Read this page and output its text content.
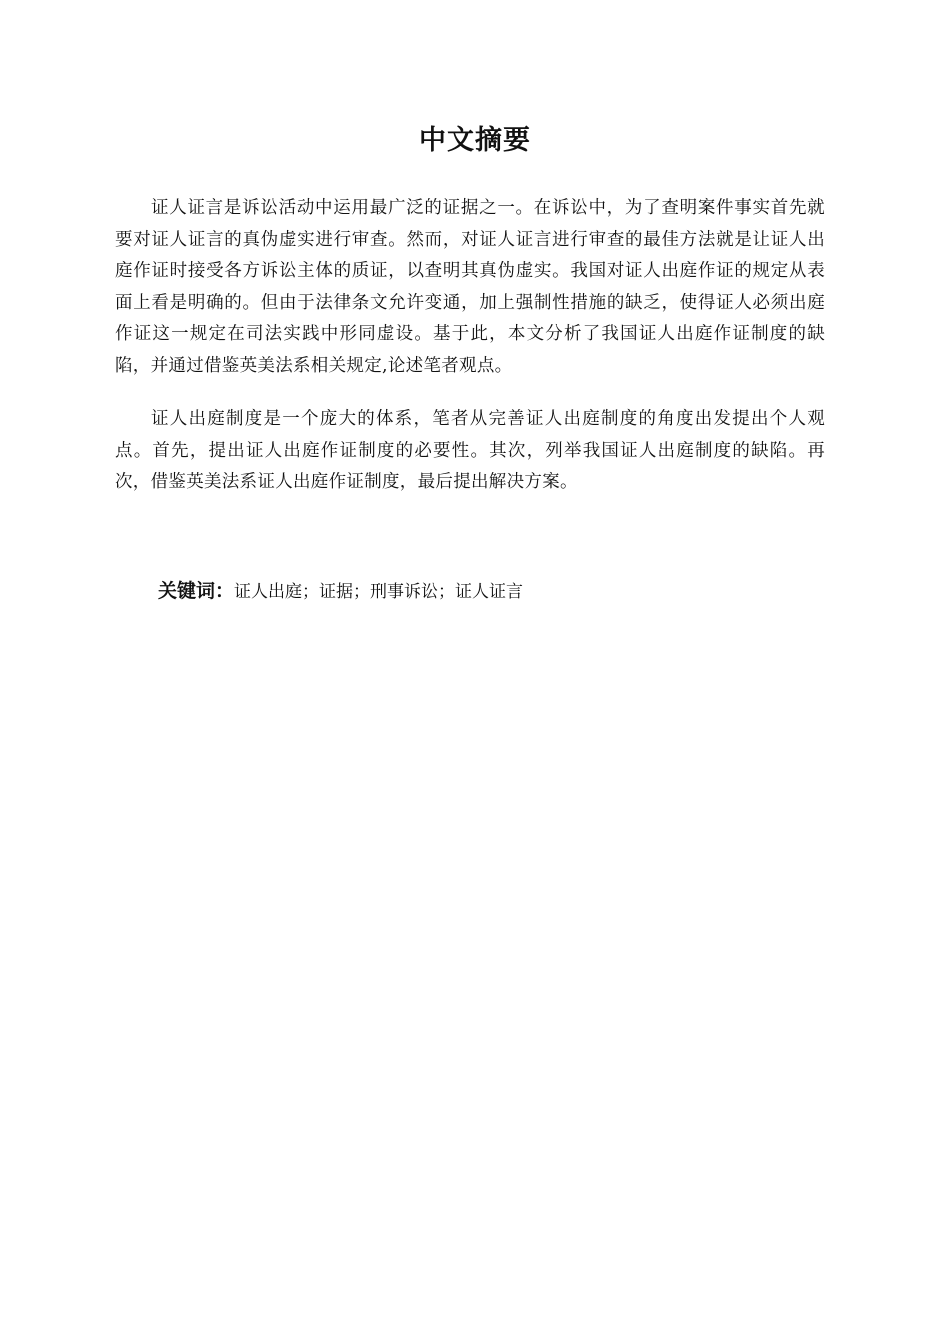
中文摘要

证人证言是诉讼活动中运用最广泛的证据之一。在诉讼中，为了查明案件事实首先就要对证人证言的真伪虚实进行审查。然而，对证人证言进行审查的最佳方法就是让证人出庭作证时接受各方诉讼主体的质证，以查明其真伪虚实。我国对证人出庭作证的规定从表面上看是明确的。但由于法律条文允许变通，加上强制性措施的缺乏，使得证人必须出庭作证这一规定在司法实践中形同虚设。基于此，本文分析了我国证人出庭作证制度的缺陷，并通过借鉴英美法系相关规定,论述笔者观点。

证人出庭制度是一个庞大的体系，笔者从完善证人出庭制度的角度出发提出个人观点。首先，提出证人出庭作证制度的必要性。其次，列举我国证人出庭制度的缺陷。再次，借鉴英美法系证人出庭作证制度，最后提出解决方案。

关键词：证人出庭；证据；刑事诉讼；证人证言
